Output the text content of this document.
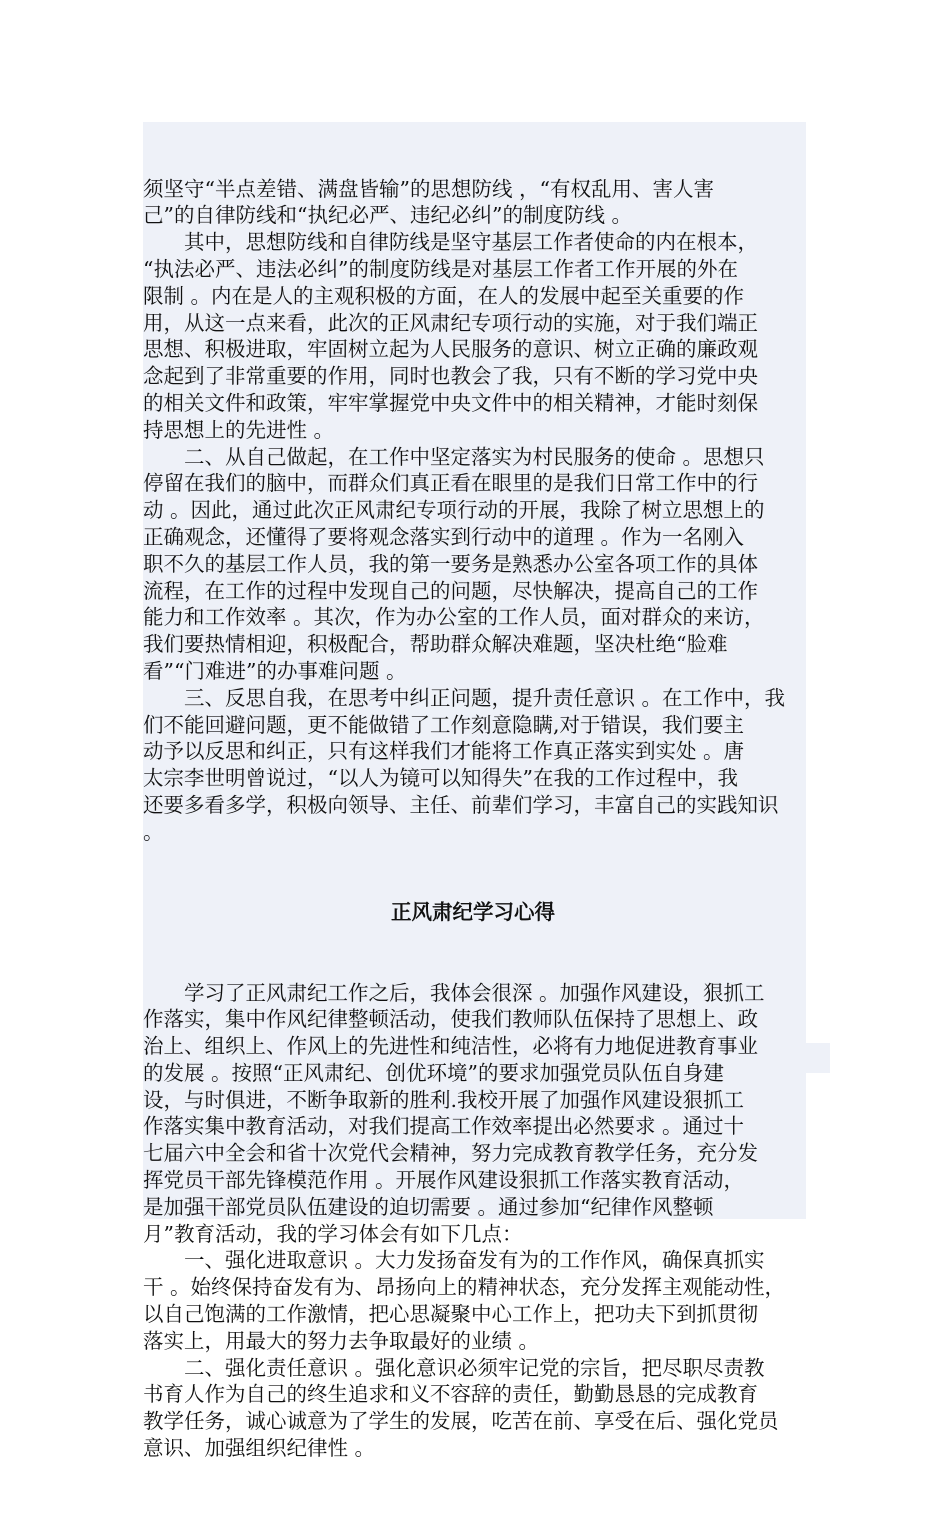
须坚守“半点差错、满盘皆输”的思想防线 ，“有权乱用、害人害
己”的自律防线和“执纪必严、违纪必纠”的制度防线 。
　　其中，思想防线和自律防线是坚守基层工作者使命的内在根本，
“执法必严、违法必纠”的制度防线是对基层工作者工作开展的外在
限制 。内在是人的主观积极的方面，在人的发展中起至关重要的作
用，从这一点来看，此次的正风肃纪专项行动的实施，对于我们端正
思想、积极进取，牢固树立起为人民服务的意识、树立正确的廉政观
念起到了非常重要的作用，同时也教会了我，只有不断的学习党中央
的相关文件和政策，牢牢掌握党中央文件中的相关精神，才能时刻保
持思想上的先进性 。
　　二、从自己做起，在工作中坚定落实为村民服务的使命 。思想只
停留在我们的脑中，而群众们真正看在眼里的是我们日常工作中的行
动 。因此，通过此次正风肃纪专项行动的开展，我除了树立思想上的
正确观念，还懂得了要将观念落实到行动中的道理 。作为一名刚入
职不久的基层工作人员，我的第一要务是熟悉办公室各项工作的具体
流程，在工作的过程中发现自己的问题，尽快解决，提高自己的工作
能力和工作效率 。其次，作为办公室的工作人员，面对群众的来访，
我们要热情相迎，积极配合，帮助群众解决难题，坚决杜绝“脸难
看”“门难进”的办事难问题 。
　　三、反思自我，在思考中纠正问题，提升责任意识 。在工作中，我
们不能回避问题，更不能做错了工作刻意隐瞒,对于错误，我们要主
动予以反思和纠正，只有这样我们才能将工作真正落实到实处 。唐
太宗李世明曾说过，“以人为镜可以知得失”在我的工作过程中，我
还要多看多学，积极向领导、主任、前辈们学习，丰富自己的实践知识
。

正风肃纪学习心得

　　学习了正风肃纪工作之后，我体会很深 。加强作风建设，狠抓工
作落实，集中作风纪律整顿活动，使我们教师队伍保持了思想上、政
治上、组织上、作风上的先进性和纯洁性，必将有力地促进教育事业
的发展 。按照“正风肃纪、创优环境”的要求加强党员队伍自身建
设，与时俱进，不断争取新的胜利.我校开展了加强作风建设狠抓工
作落实集中教育活动，对我们提高工作效率提出必然要求 。通过十
七届六中全会和省十次党代会精神，努力完成教育教学任务，充分发
挥党员干部先锋模范作用 。开展作风建设狠抓工作落实教育活动，
是加强干部党员队伍建设的迫切需要 。通过参加“纪律作风整顿
月”教育活动，我的学习体会有如下几点：
　　一、强化进取意识 。大力发扬奋发有为的工作作风，确保真抓实
干 。始终保持奋发有为、昂扬向上的精神状态，充分发挥主观能动性，
以自己饱满的工作激情，把心思凝聚中心工作上，把功夫下到抓贯彻
落实上，用最大的努力去争取最好的业绩 。
　　二、强化责任意识 。强化意识必须牢记党的宗旨，把尽职尽责教
书育人作为自己的终生追求和义不容辞的责任，勤勤恳恳的完成教育
教学任务，诚心诚意为了学生的发展，吃苦在前、享受在后、强化党员
意识、加强组织纪律性 。
